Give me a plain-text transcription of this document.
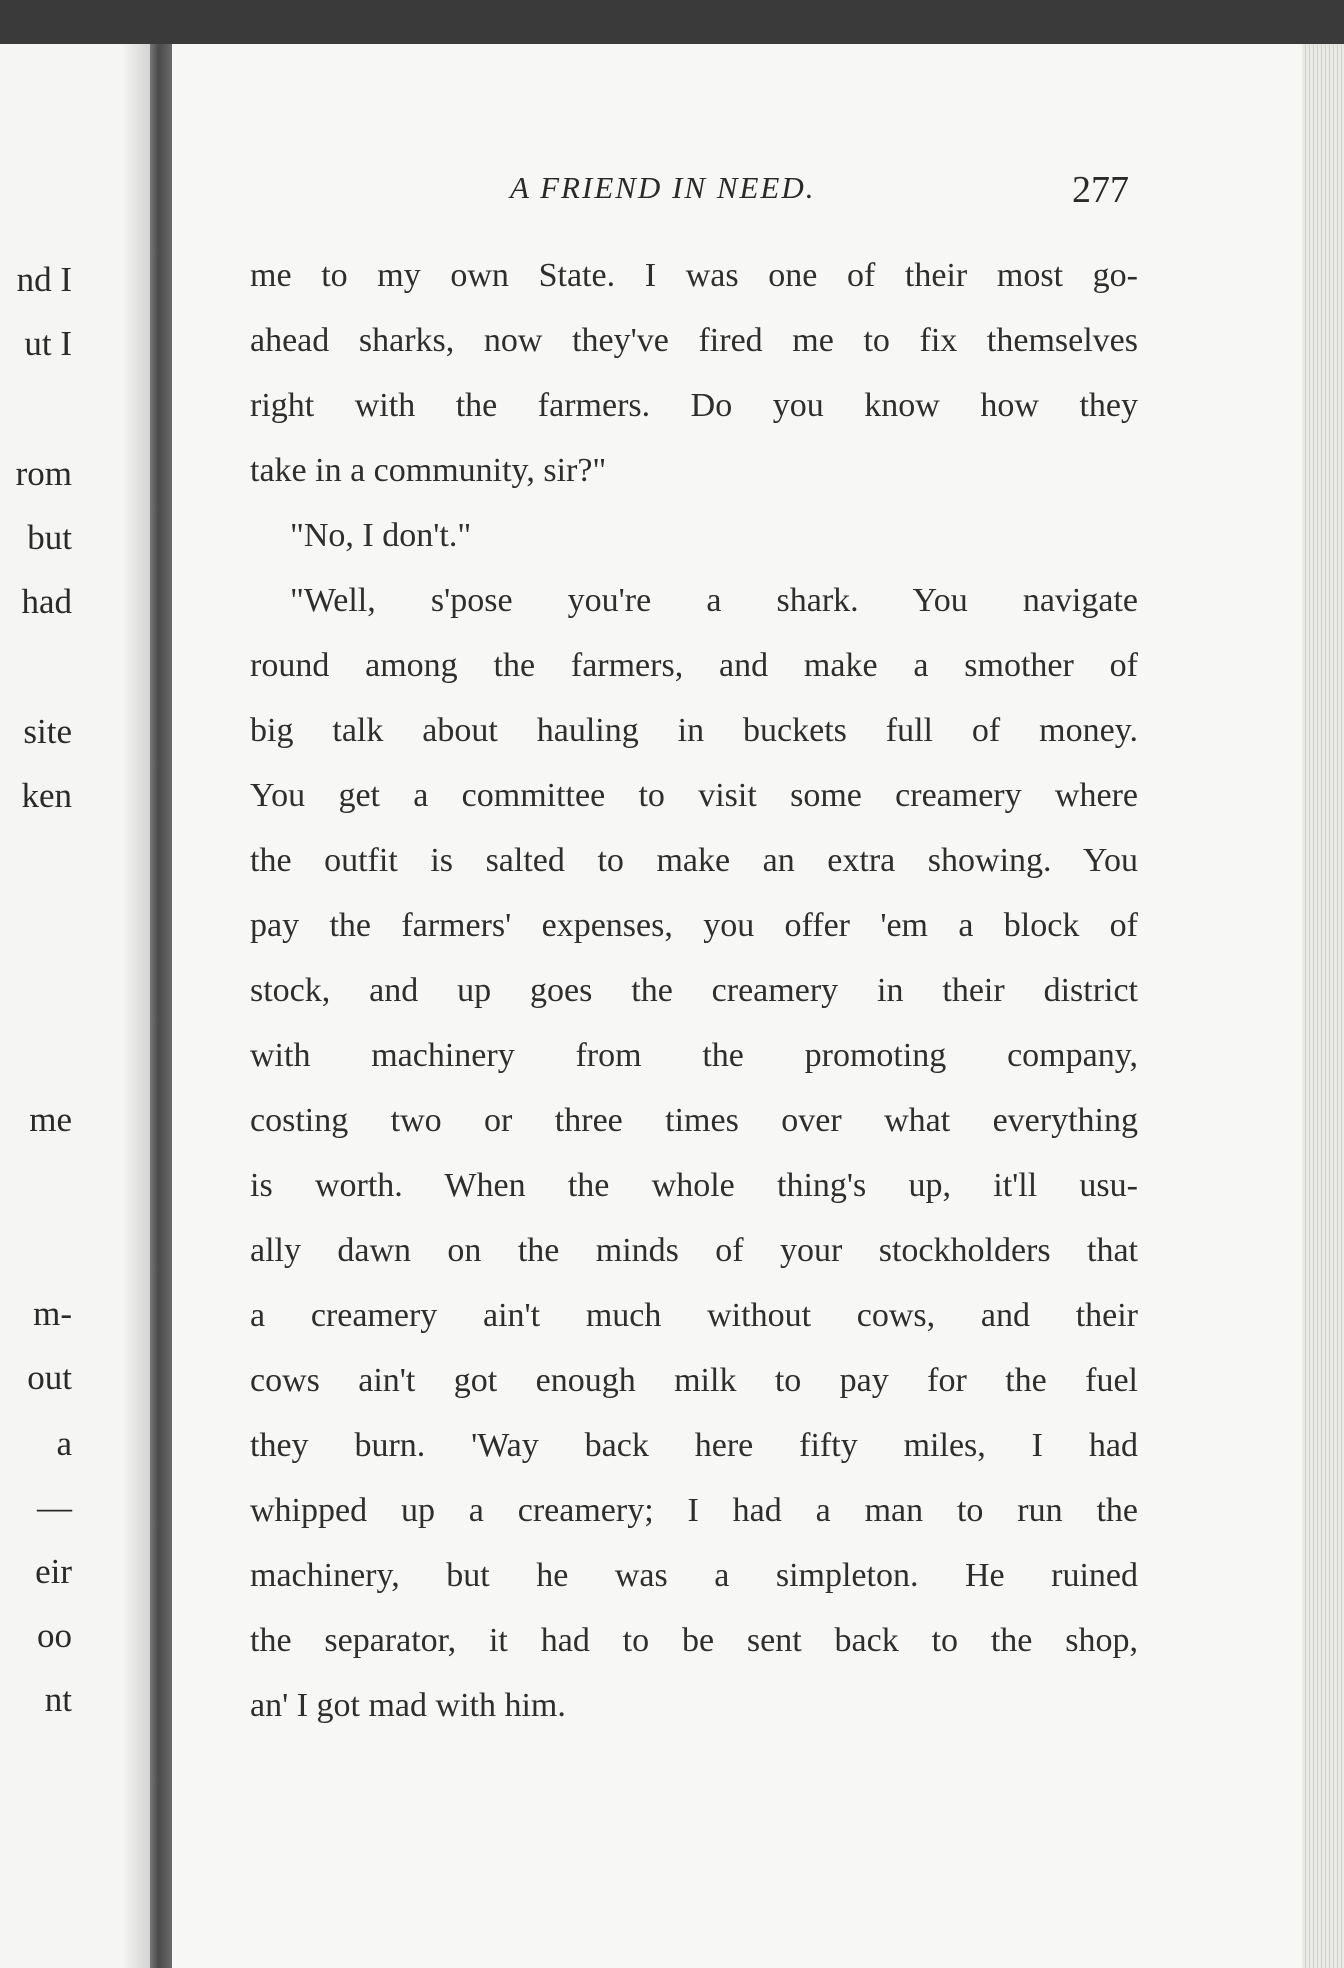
nd I
ut I
rom
but
had
site
ken
me
m-
out
a
—
eir
oo
nt
A FRIEND IN NEED.	277
me to my own State. I was one of their most go-
ahead sharks, now they've fired me to fix themselves
right with the farmers. Do you know how they
take in a community, sir?"
"No, I don't."
"Well, s'pose you're a shark. You navigate
round among the farmers, and make a smother of
big talk about hauling in buckets full of money.
You get a committee to visit some creamery where
the outfit is salted to make an extra showing. You
pay the farmers' expenses, you offer 'em a block of
stock, and up goes the creamery in their district
with machinery from the promoting company,
costing two or three times over what everything
is worth. When the whole thing's up, it'll usu-
ally dawn on the minds of your stockholders that
a creamery ain't much without cows, and their
cows ain't got enough milk to pay for the fuel
they burn. 'Way back here fifty miles, I had
whipped up a creamery; I had a man to run the
machinery, but he was a simpleton. He ruined
the separator, it had to be sent back to the shop,
an' I got mad with him.
